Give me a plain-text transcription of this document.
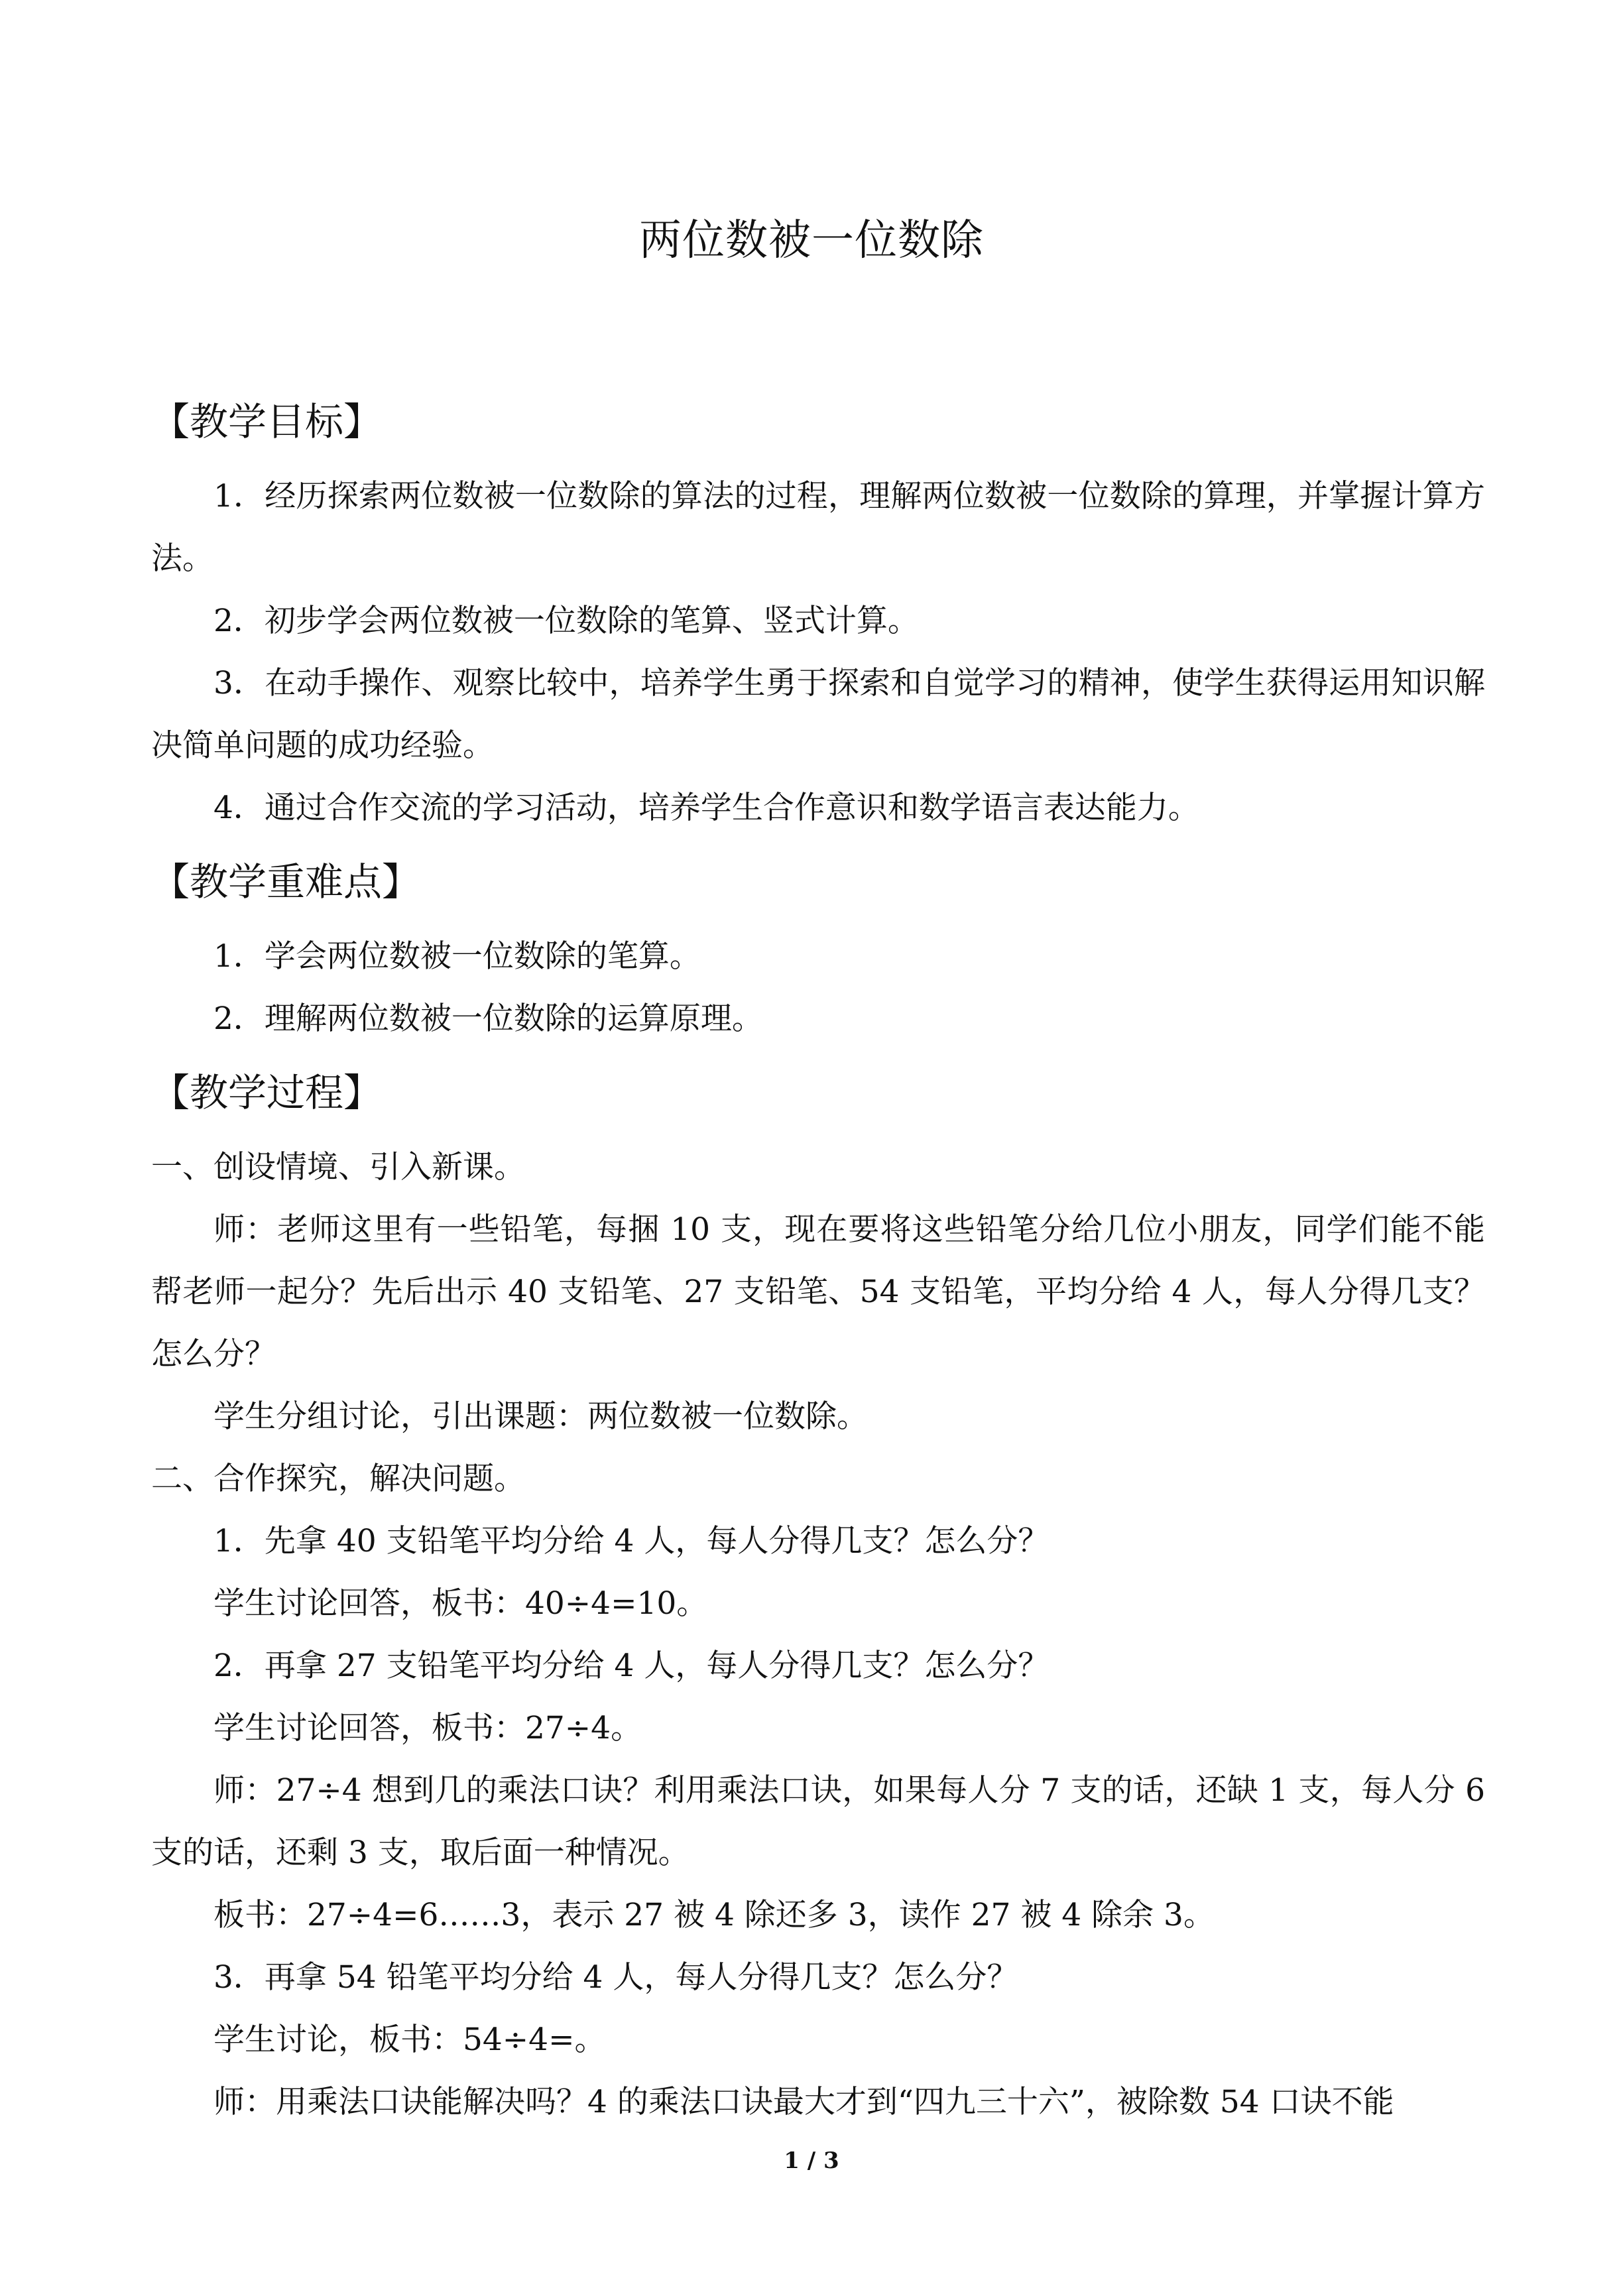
两位数被一位数除
【教学目标】

1．经历探索两位数被一位数除的算法的过程，理解两位数被一位数除的算理，并掌握计算方法。

2．初步学会两位数被一位数除的笔算、竖式计算。

3．在动手操作、观察比较中，培养学生勇于探索和自觉学习的精神，使学生获得运用知识解决简单问题的成功经验。

4．通过合作交流的学习活动，培养学生合作意识和数学语言表达能力。

【教学重难点】

1．学会两位数被一位数除的笔算。

2．理解两位数被一位数除的运算原理。

【教学过程】

一、创设情境、引入新课。

师：老师这里有一些铅笔，每捆 10 支，现在要将这些铅笔分给几位小朋友，同学们能不能帮老师一起分？先后出示 40 支铅笔、27 支铅笔、54 支铅笔，平均分给 4 人，每人分得几支？怎么分？

学生分组讨论，引出课题：两位数被一位数除。

二、合作探究，解决问题。

1．先拿 40 支铅笔平均分给 4 人，每人分得几支？怎么分？

学生讨论回答，板书：40÷4=10。

2．再拿 27 支铅笔平均分给 4 人，每人分得几支？怎么分？

学生讨论回答，板书：27÷4。

师：27÷4 想到几的乘法口诀？利用乘法口诀，如果每人分 7 支的话，还缺 1 支，每人分 6 支的话，还剩 3 支，取后面一种情况。

板书：27÷4=6‥‥‥3，表示 27 被 4 除还多 3，读作 27 被 4 除余 3。

3．再拿 54 铅笔平均分给 4 人，每人分得几支？怎么分？

学生讨论，板书：54÷4=。

师：用乘法口诀能解决吗？4 的乘法口诀最大才到“四九三十六”，被除数 54 口诀不能

1 / 3
